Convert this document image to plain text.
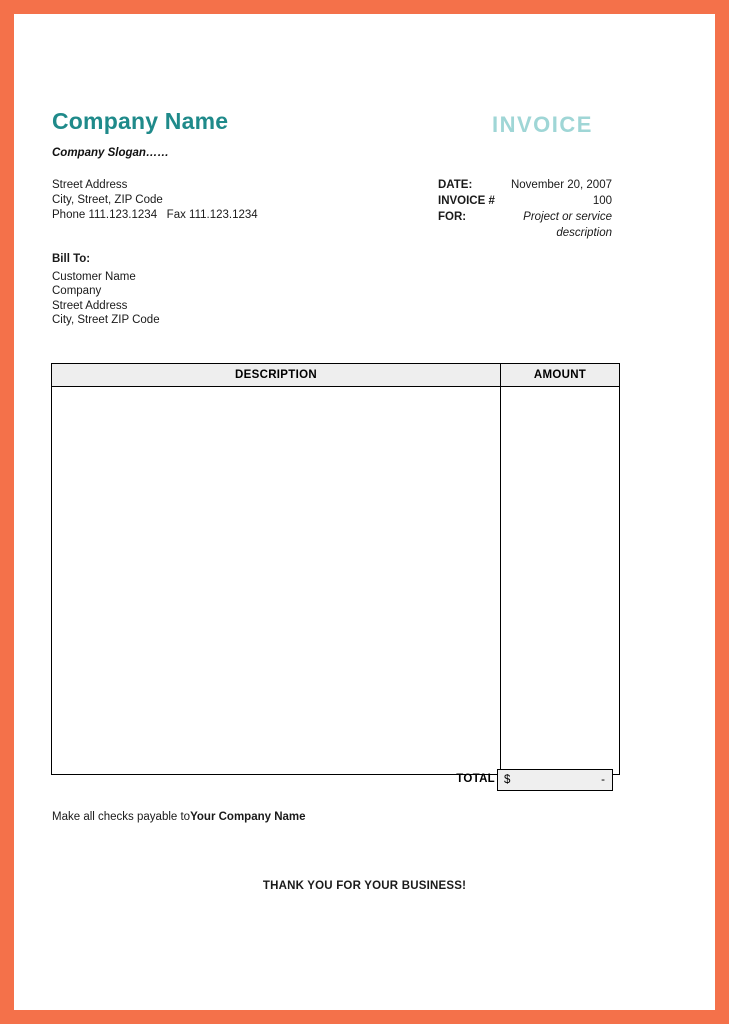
Company Name	INVOICE
Company Slogan……
Street Address
City, Street, ZIP Code
Phone 111.123.1234   Fax 111.123.1234
DATE:	November 20, 2007
INVOICE #	100
FOR:	Project or service
description
Bill To:
Customer Name
Company
Street Address
City, Street ZIP Code
DESCRIPTION	AMOUNT

TOTAL $	-
Make all checks payable toYour Company Name
THANK YOU FOR YOUR BUSINESS!
